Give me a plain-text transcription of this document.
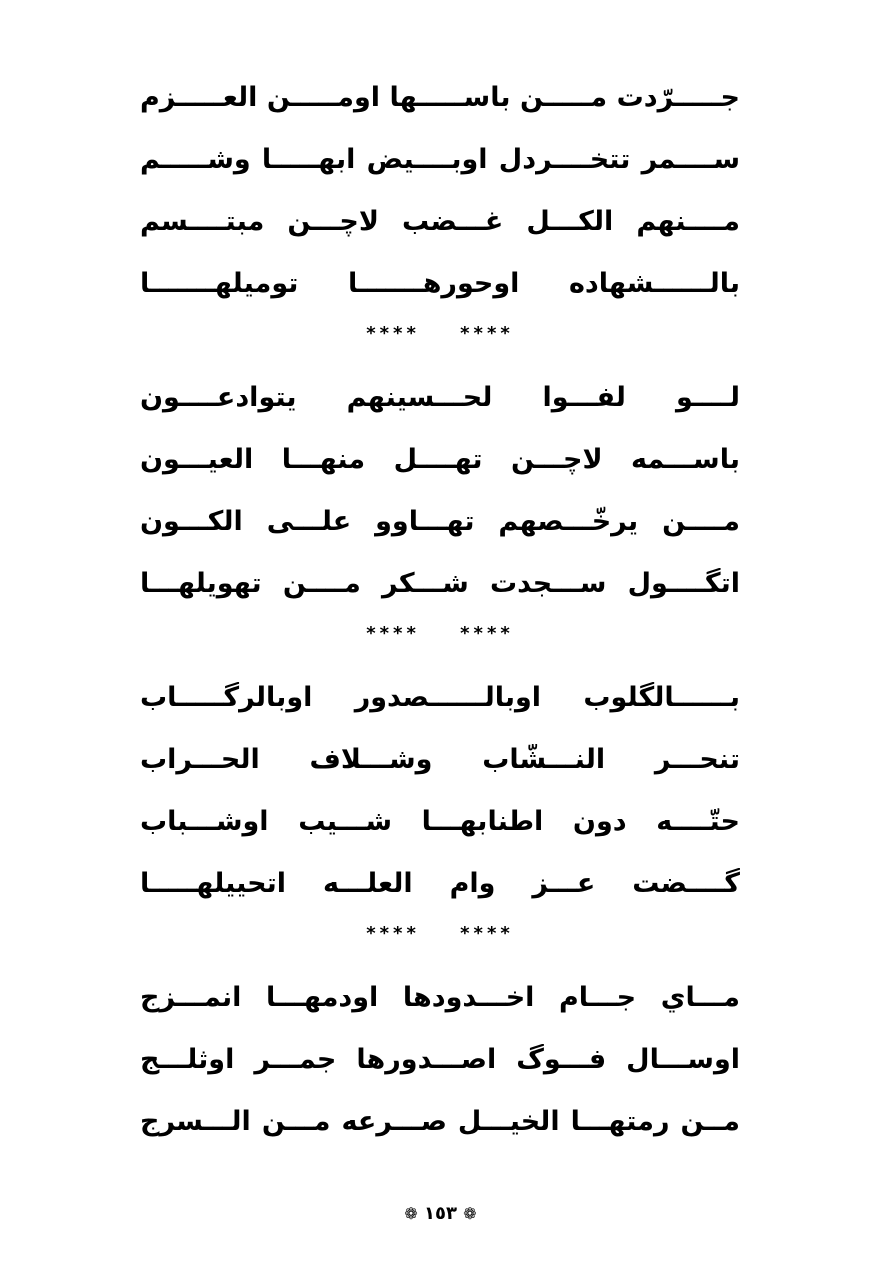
جـــــرّدت مـــــن باســـــها اومـــــن العـــــزم
ســــمر تتخــــردل اوبــــيض ابهـــــا وشـــــم
مــــنهم الكـــل غـــضب لاچـــن مبتــــسم
بالــــــشهاده اوحورهـــــــا توميلهـــــــا
**** ****
لــــو لفـــوا لحـــسينهم يتوادعــــون
باســـمه لاچـــن تهــــل منهـــا العيـــون
مــــن يرخّـــصهم تهـــاوو علـــى الكـــون
اتگــــول ســـجدت شـــكر مــــن تهويلهـــا
**** ****
بــــــالگلوب اوبالــــــصدور اوبالرگـــــاب
تنحـــر النـــشّاب وشـــلاف الحـــراب
حتّــــه دون اطنابهـــا شـــيب اوشـــباب
گــــضت عـــز وام العلـــه اتحييلهـــــا
**** ****
مـــاي جـــام اخـــدودها اودمهـــا انمـــزج
اوســـال فـــوگ اصـــدورها جمـــر اوثلـــج
مــن رمتهـــا الخيـــل صـــرعه مـــن الـــسرج
❁ ١٥٣ ❁
